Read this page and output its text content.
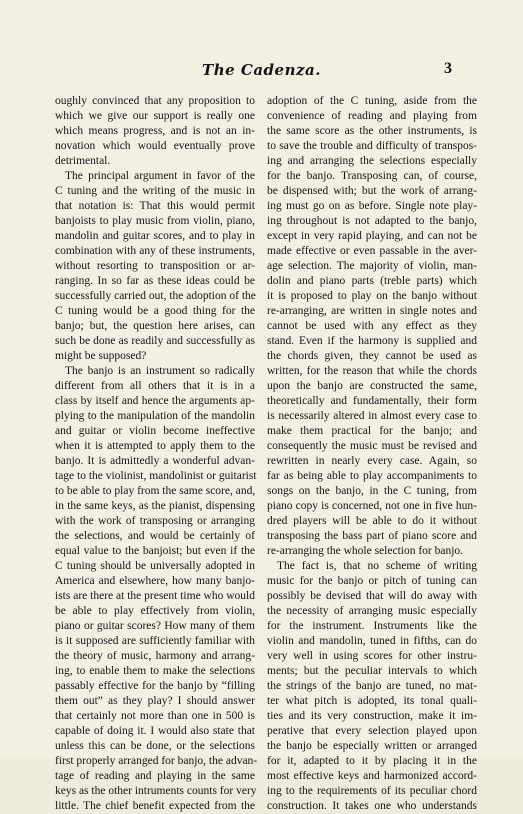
The Cadenza.	3
oughly convinced that any proposition to
which we give our support is really one
which means progress, and is not an in-
novation which would eventually prove
detrimental.
The principal argument in favor of the
C tuning and the writing of the music in
that notation is: That this would permit
banjoists to play music from violin, piano,
mandolin and guitar scores, and to play in
combination with any of these instruments,
without resorting to transposition or ar-
ranging. In so far as these ideas could be
successfully carried out, the adoption of the
C tuning would be a good thing for the
banjo; but, the question here arises, can
such be done as readily and successfully as
might be supposed?
The banjo is an instrument so radically
different from all others that it is in a
class by itself and hence the arguments ap-
plying to the manipulation of the mandolin
and guitar or violin become ineffective
when it is attempted to apply them to the
banjo. It is admittedly a wonderful advan-
tage to the violinist, mandolinist or guitarist
to be able to play from the same score, and,
in the same keys, as the pianist, dispensing
with the work of transposing or arranging
the selections, and would be certainly of
equal value to the banjoist; but even if the
C tuning should be universally adopted in
America and elsewhere, how many banjo-
ists are there at the present time who would
be able to play effectively from violin,
piano or guitar scores? How many of them
is it supposed are sufficiently familiar with
the theory of music, harmony and arrang-
ing, to enable them to make the selections
passably effective for the banjo by “filling
them out” as they play? I should answer
that certainly not more than one in 500 is
capable of doing it. I would also state that
unless this can be done, or the selections
first properly arranged for banjo, the advan-
tage of reading and playing in the same
keys as the other intruments counts for very
little. The chief benefit expected from the
adoption of the C tuning, aside from the
convenience of reading and playing from
the same score as the other instruments, is
to save the trouble and difficulty of transpos-
ing and arranging the selections especially
for the banjo. Transposing can, of course,
be dispensed with; but the work of arrang-
ing must go on as before. Single note play-
ing throughout is not adapted to the banjo,
except in very rapid playing, and can not be
made effective or even passable in the aver-
age selection. The majority of violin, man-
dolin and piano parts (treble parts) which
it is proposed to play on the banjo without
re-arranging, are written in single notes and
cannot be used with any effect as they
stand. Even if the harmony is supplied and
the chords given, they cannot be used as
written, for the reason that while the chords
upon the banjo are constructed the same,
theoretically and fundamentally, their form
is necessarily altered in almost every case to
make them practical for the banjo; and
consequently the music must be revised and
rewritten in nearly every case. Again, so
far as being able to play accompaniments to
songs on the banjo, in the C tuning, from
piano copy is concerned, not one in five hun-
dred players will be able to do it without
transposing the bass part of piano score and
re-arranging the whole selection for banjo.
The fact is, that no scheme of writing
music for the banjo or pitch of tuning can
possibly be devised that will do away with
the necessity of arranging music especially
for the instrument. Instruments like the
violin and mandolin, tuned in fifths, can do
very well in using scores for other instru-
ments; but the peculiar intervals to which
the strings of the banjo are tuned, no mat-
ter what pitch is adopted, its tonal quali-
ties and its very construction, make it im-
perative that every selection played upon
the banjo be especially written or arranged
for it, adapted to it by placing it in the
most effective keys and harmonized accord-
ing to the requirements of its peculiar chord
construction. It takes one who understands
